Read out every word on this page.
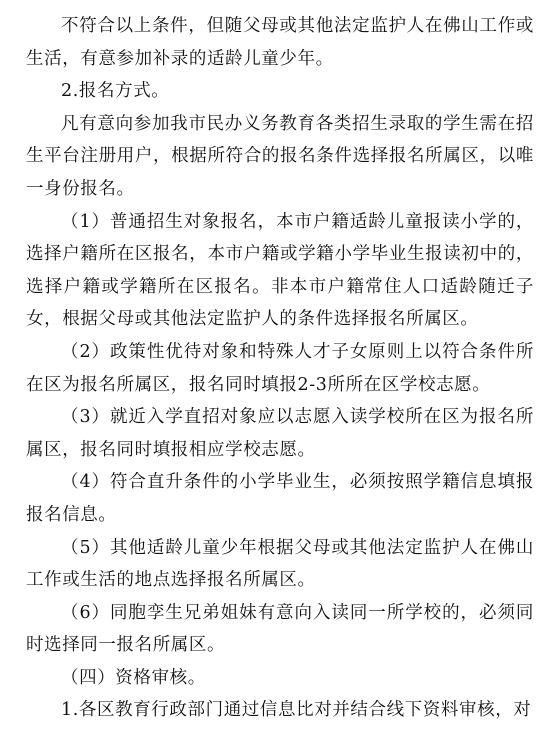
不符合以上条件，但随父母或其他法定监护人在佛山工作或生活，有意参加补录的适龄儿童少年。

2.报名方式。

凡有意向参加我市民办义务教育各类招生录取的学生需在招生平台注册用户，根据所符合的报名条件选择报名所属区，以唯一身份报名。

（1）普通招生对象报名，本市户籍适龄儿童报读小学的，选择户籍所在区报名，本市户籍或学籍小学毕业生报读初中的，选择户籍或学籍所在区报名。非本市户籍常住人口适龄随迁子女，根据父母或其他法定监护人的条件选择报名所属区。

（2）政策性优待对象和特殊人才子女原则上以符合条件所在区为报名所属区，报名同时填报2-3所所在区学校志愿。

（3）就近入学直招对象应以志愿入读学校所在区为报名所属区，报名同时填报相应学校志愿。

（4）符合直升条件的小学毕业生，必须按照学籍信息填报报名信息。

（5）其他适龄儿童少年根据父母或其他法定监护人在佛山工作或生活的地点选择报名所属区。

（6）同胞孪生兄弟姐妹有意向入读同一所学校的，必须同时选择同一报名所属区。

（四）资格审核。

1.各区教育行政部门通过信息比对并结合线下资料审核，对
